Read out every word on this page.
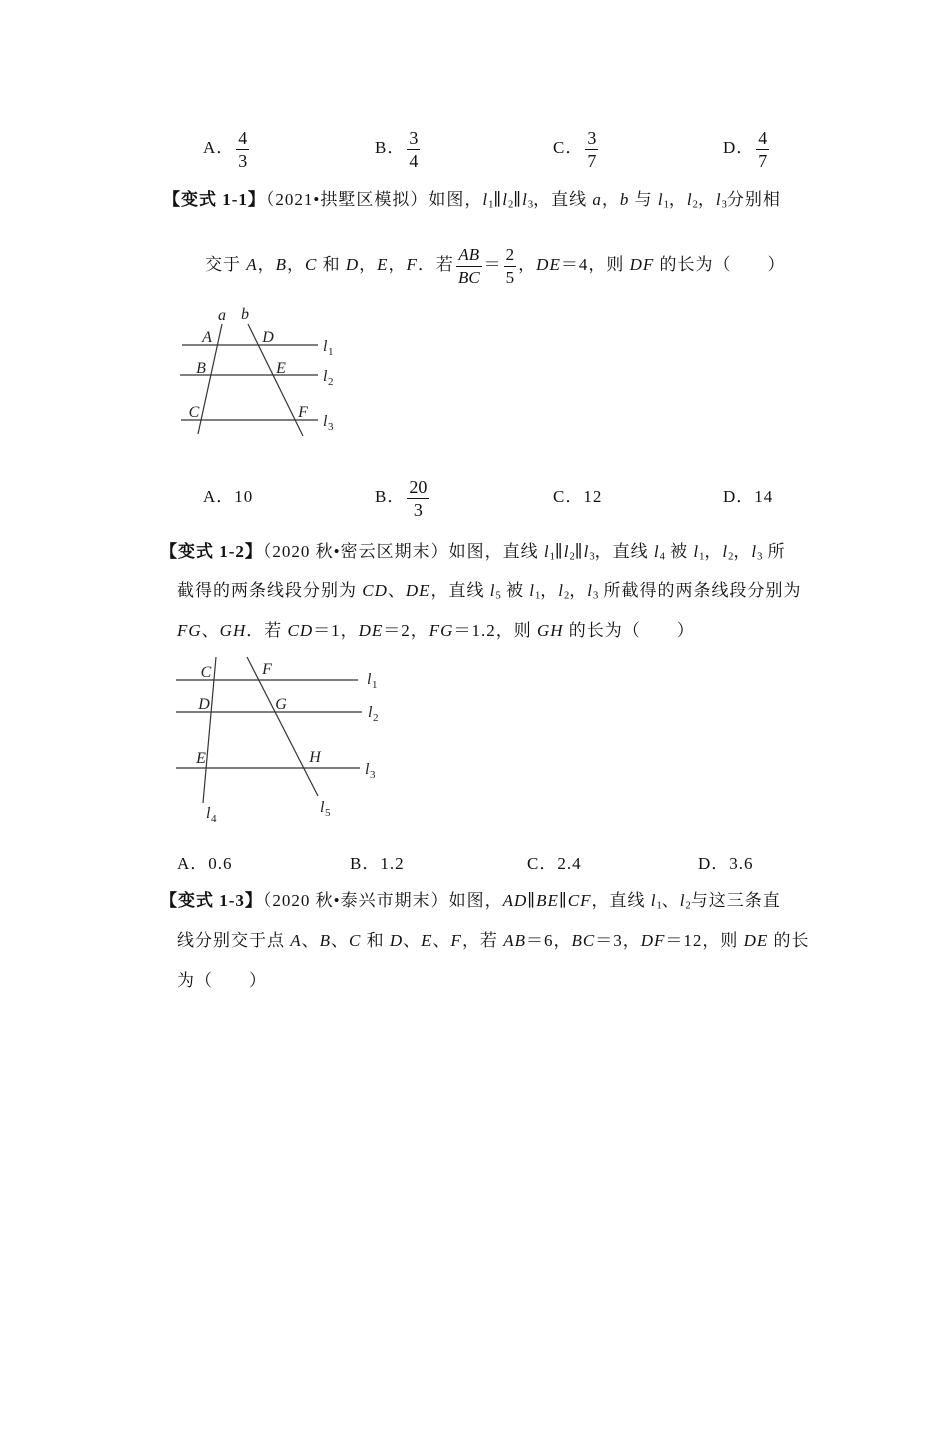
A． $\frac{4}{3}$	B． $\frac{3}{4}$	C． $\frac{3}{7}$	D． $\frac{4}{7}$
【变式 1-1】（2021•拱墅区模拟）如图，l1∥l2∥l3，直线 a，b 与 l1，l2，l3分别相
交于 A，B，C 和 D，E，F．若 $\frac{AB}{BC} = \frac{2}{5}$ ，DE＝4，则 DF 的长为（　　）
a b
A	D
B	E
C	F
l 1
l 2
l 3
A．10	B． $\frac{20}{3}$	C．12	D．14
【变式 1-2】（2020 秋•密云区期末）如图，直线 l1∥l2∥l3，直线 l4 被 l1，l2，l3 所
截得的两条线段分别为 CD、DE，直线 l5 被 l1，l2，l3 所截得的两条线段分别为
FG、GH．若 CD＝1，DE＝2，FG＝1.2，则 GH 的长为（　　）
C	F
D	G
E	H
l 1
l 2
l 3
l 4
l 5
A．0.6	B．1.2	C．2.4	D．3.6
【变式 1-3】（2020 秋•泰兴市期末）如图，AD∥BE∥CF，直线 l1、l2与这三条直
线分别交于点 A、B、C 和 D、E、F，若 AB＝6，BC＝3，DF＝12，则 DE 的长
为（　　）
